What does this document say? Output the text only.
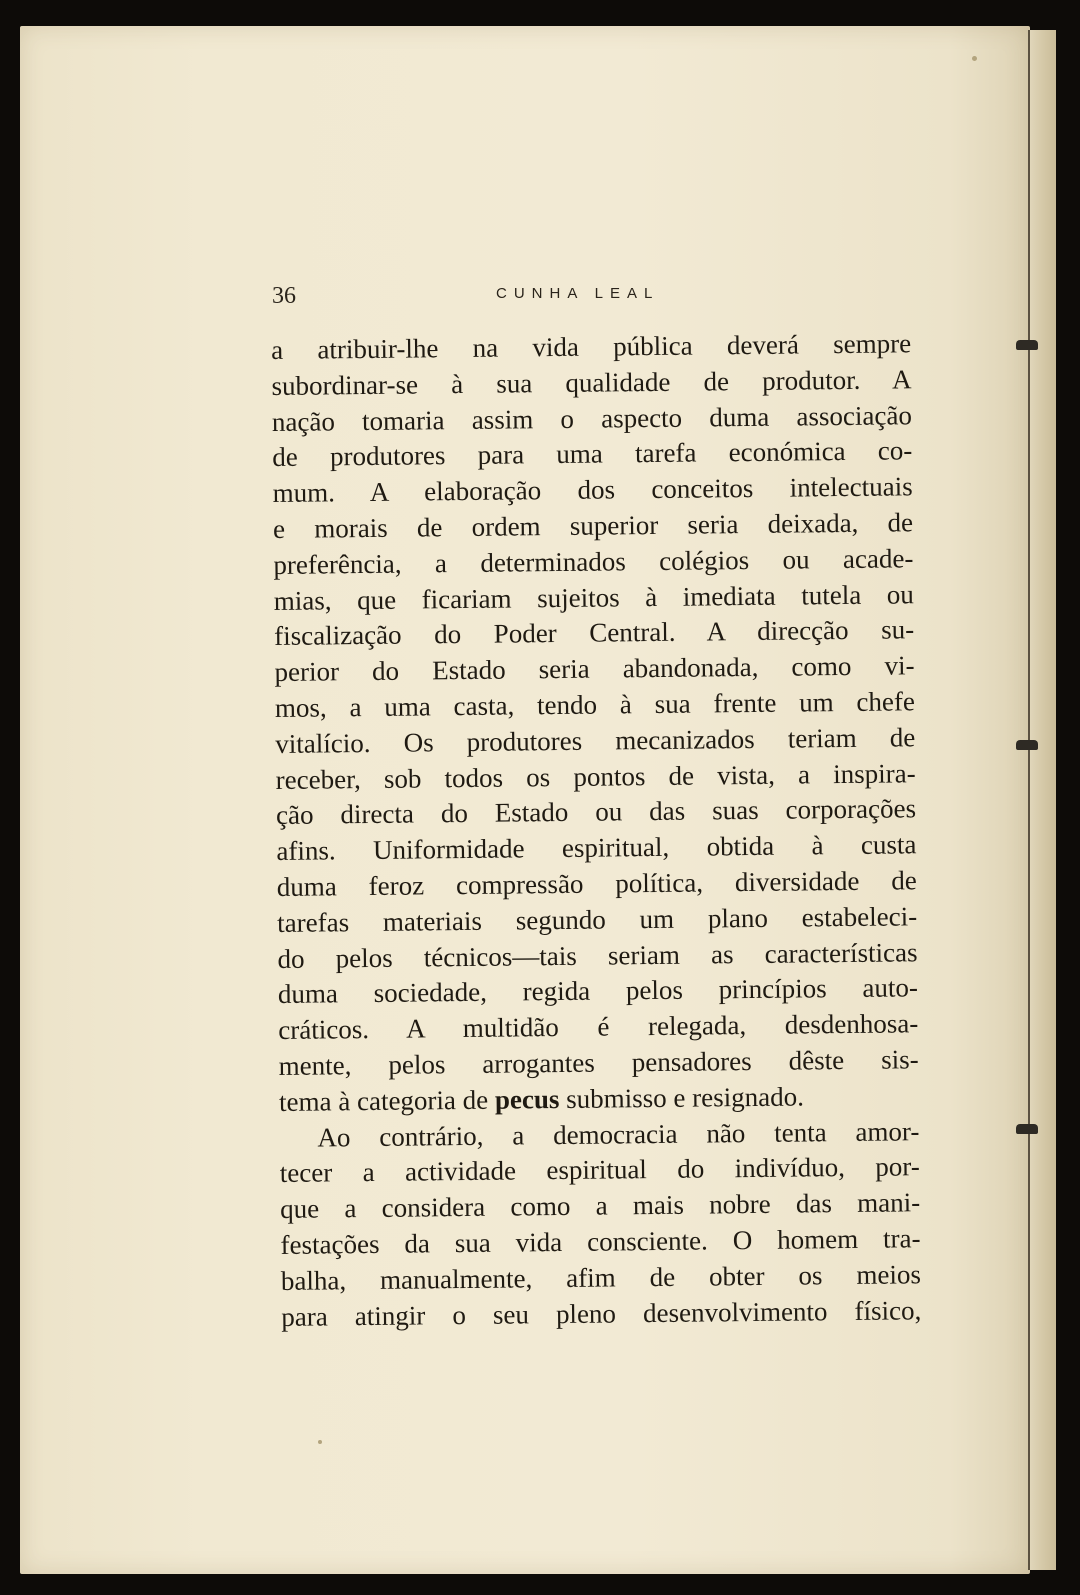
36	CUNHA LEAL
a atribuir-lhe na vida pública deverá sempre
subordinar-se à sua qualidade de produtor. A
nação tomaria assim o aspecto duma associação
de produtores para uma tarefa económica co-
mum. A elaboração dos conceitos intelectuais
e morais de ordem superior seria deixada, de
preferência, a determinados colégios ou acade-
mias, que ficariam sujeitos à imediata tutela ou
fiscalização do Poder Central. A direcção su-
perior do Estado seria abandonada, como vi-
mos, a uma casta, tendo à sua frente um chefe
vitalício. Os produtores mecanizados teriam de
receber, sob todos os pontos de vista, a inspira-
ção directa do Estado ou das suas corporações
afins. Uniformidade espiritual, obtida à custa
duma feroz compressão política, diversidade de
tarefas materiais segundo um plano estabeleci-
do pelos técnicos—tais seriam as características
duma sociedade, regida pelos princípios auto-
cráticos. A multidão é relegada, desdenhosa-
mente, pelos arrogantes pensadores dêste sis-
tema à categoria de pecus submisso e resignado.
Ao contrário, a democracia não tenta amor-
tecer a actividade espiritual do indivíduo, por-
que a considera como a mais nobre das mani-
festações da sua vida consciente. O homem tra-
balha, manualmente, afim de obter os meios
para atingir o seu pleno desenvolvimento físico,
